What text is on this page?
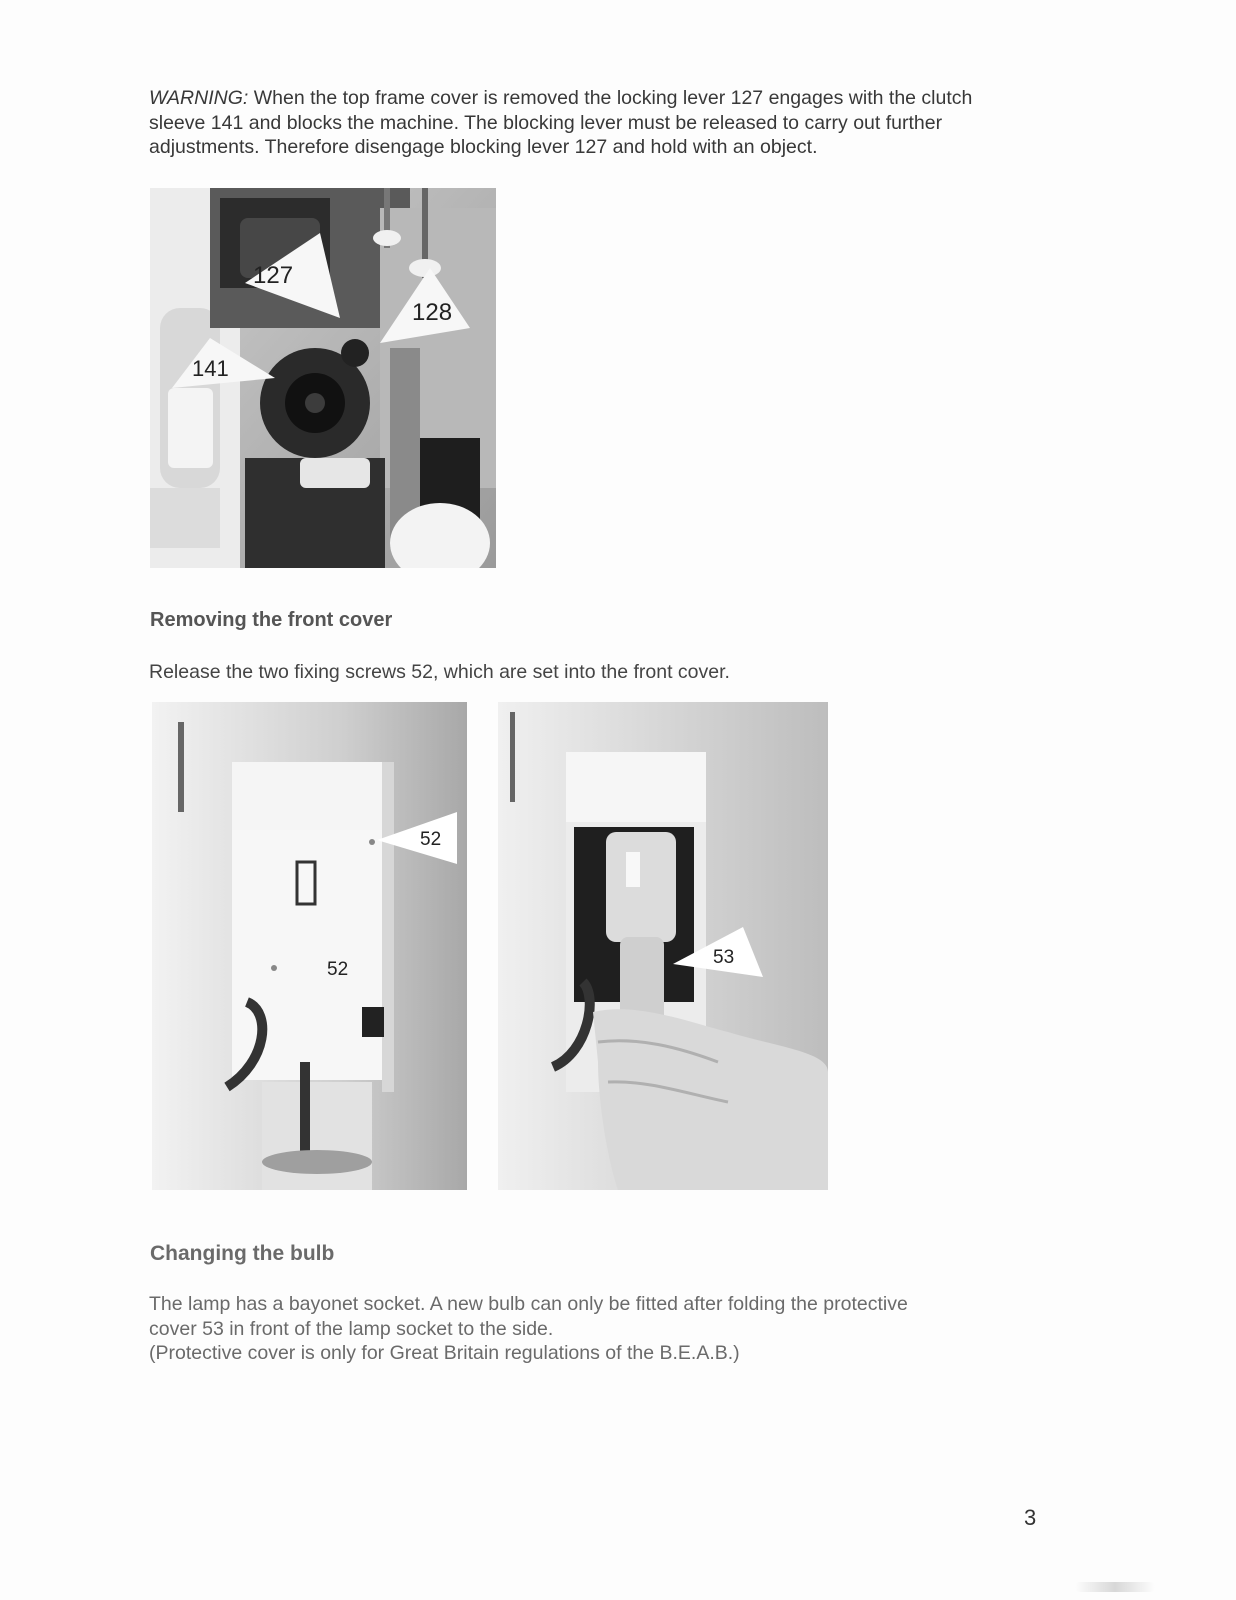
WARNING: When the top frame cover is removed the locking lever 127 engages with the clutch sleeve 141 and blocks the machine. The blocking lever must be released to carry out further adjustments. Therefore disengage blocking lever 127 and hold with an object.
127
128
141
Removing the front cover
Release the two fixing screws 52, which are set into the front cover.
52
52
53
Changing the bulb
The lamp has a bayonet socket. A new bulb can only be fitted after folding the protective
cover 53 in front of the lamp socket to the side.
(Protective cover is only for Great Britain regulations of the B.E.A.B.)
3
